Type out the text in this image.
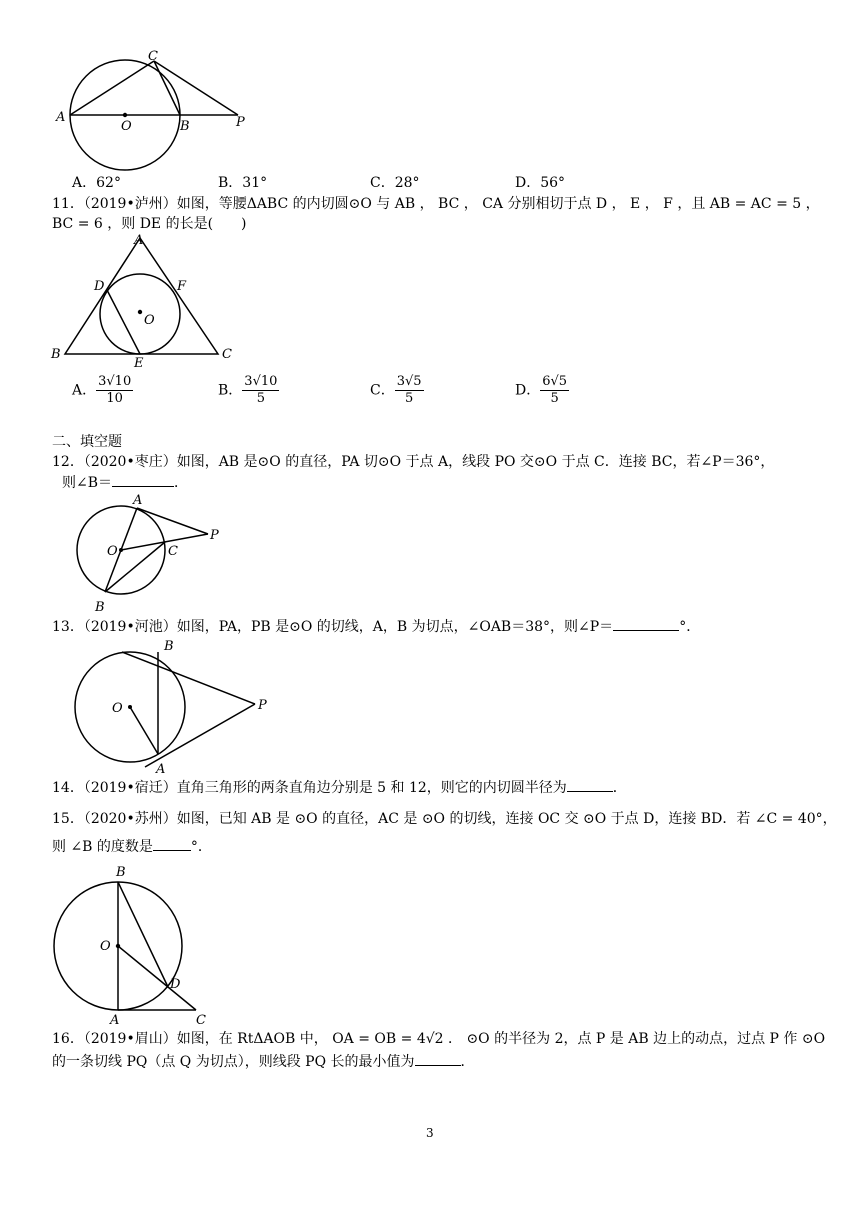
A
O	B	P
C
A．62°	B．31°	C．28°	D．56°
11．（2019•泸州）如图，等腰ΔABC 的内切圆⊙O 与 AB ， BC ， CA 分别相切于点 D ， E ， F ，且 AB = AC = 5 ，
BC = 6 ，则 DE 的长是(　　)
A
D	F
O
B
E
C
A． $\frac{3√10}{10}$	B． $\frac{3√10}{5}$	C． $\frac{3√5}{5}$	D． $\frac{6√5}{5}$
二、填空题
12．（2020•枣庄）如图，AB 是⊙O 的直径，PA 切⊙O 于点 A，线段 PO 交⊙O 于点 C．连接 BC，若∠P＝36°，
则∠B＝	．
A
P
O	C
B
13．（2019•河池）如图，PA，PB 是⊙O 的切线，A，B 为切点，∠OAB＝38°，则∠P＝	°．
B
O	P
A
14．（2019•宿迁）直角三角形的两条直角边分别是 5 和 12，则它的内切圆半径为	．
15．（2020•苏州）如图，已知 AB 是 ⊙O 的直径，AC 是 ⊙O 的切线，连接 OC 交 ⊙O 于点 D，连接 BD．若 ∠C = 40°，
则 ∠B 的度数是	°．
B
O
D
A	C
16．（2019•眉山）如图，在 RtΔAOB 中， OA = OB = 4√2 ． ⊙O 的半径为 2，点 P 是 AB 边上的动点，过点 P 作 ⊙O
的一条切线 PQ（点 Q 为切点），则线段 PQ 长的最小值为	．
3
